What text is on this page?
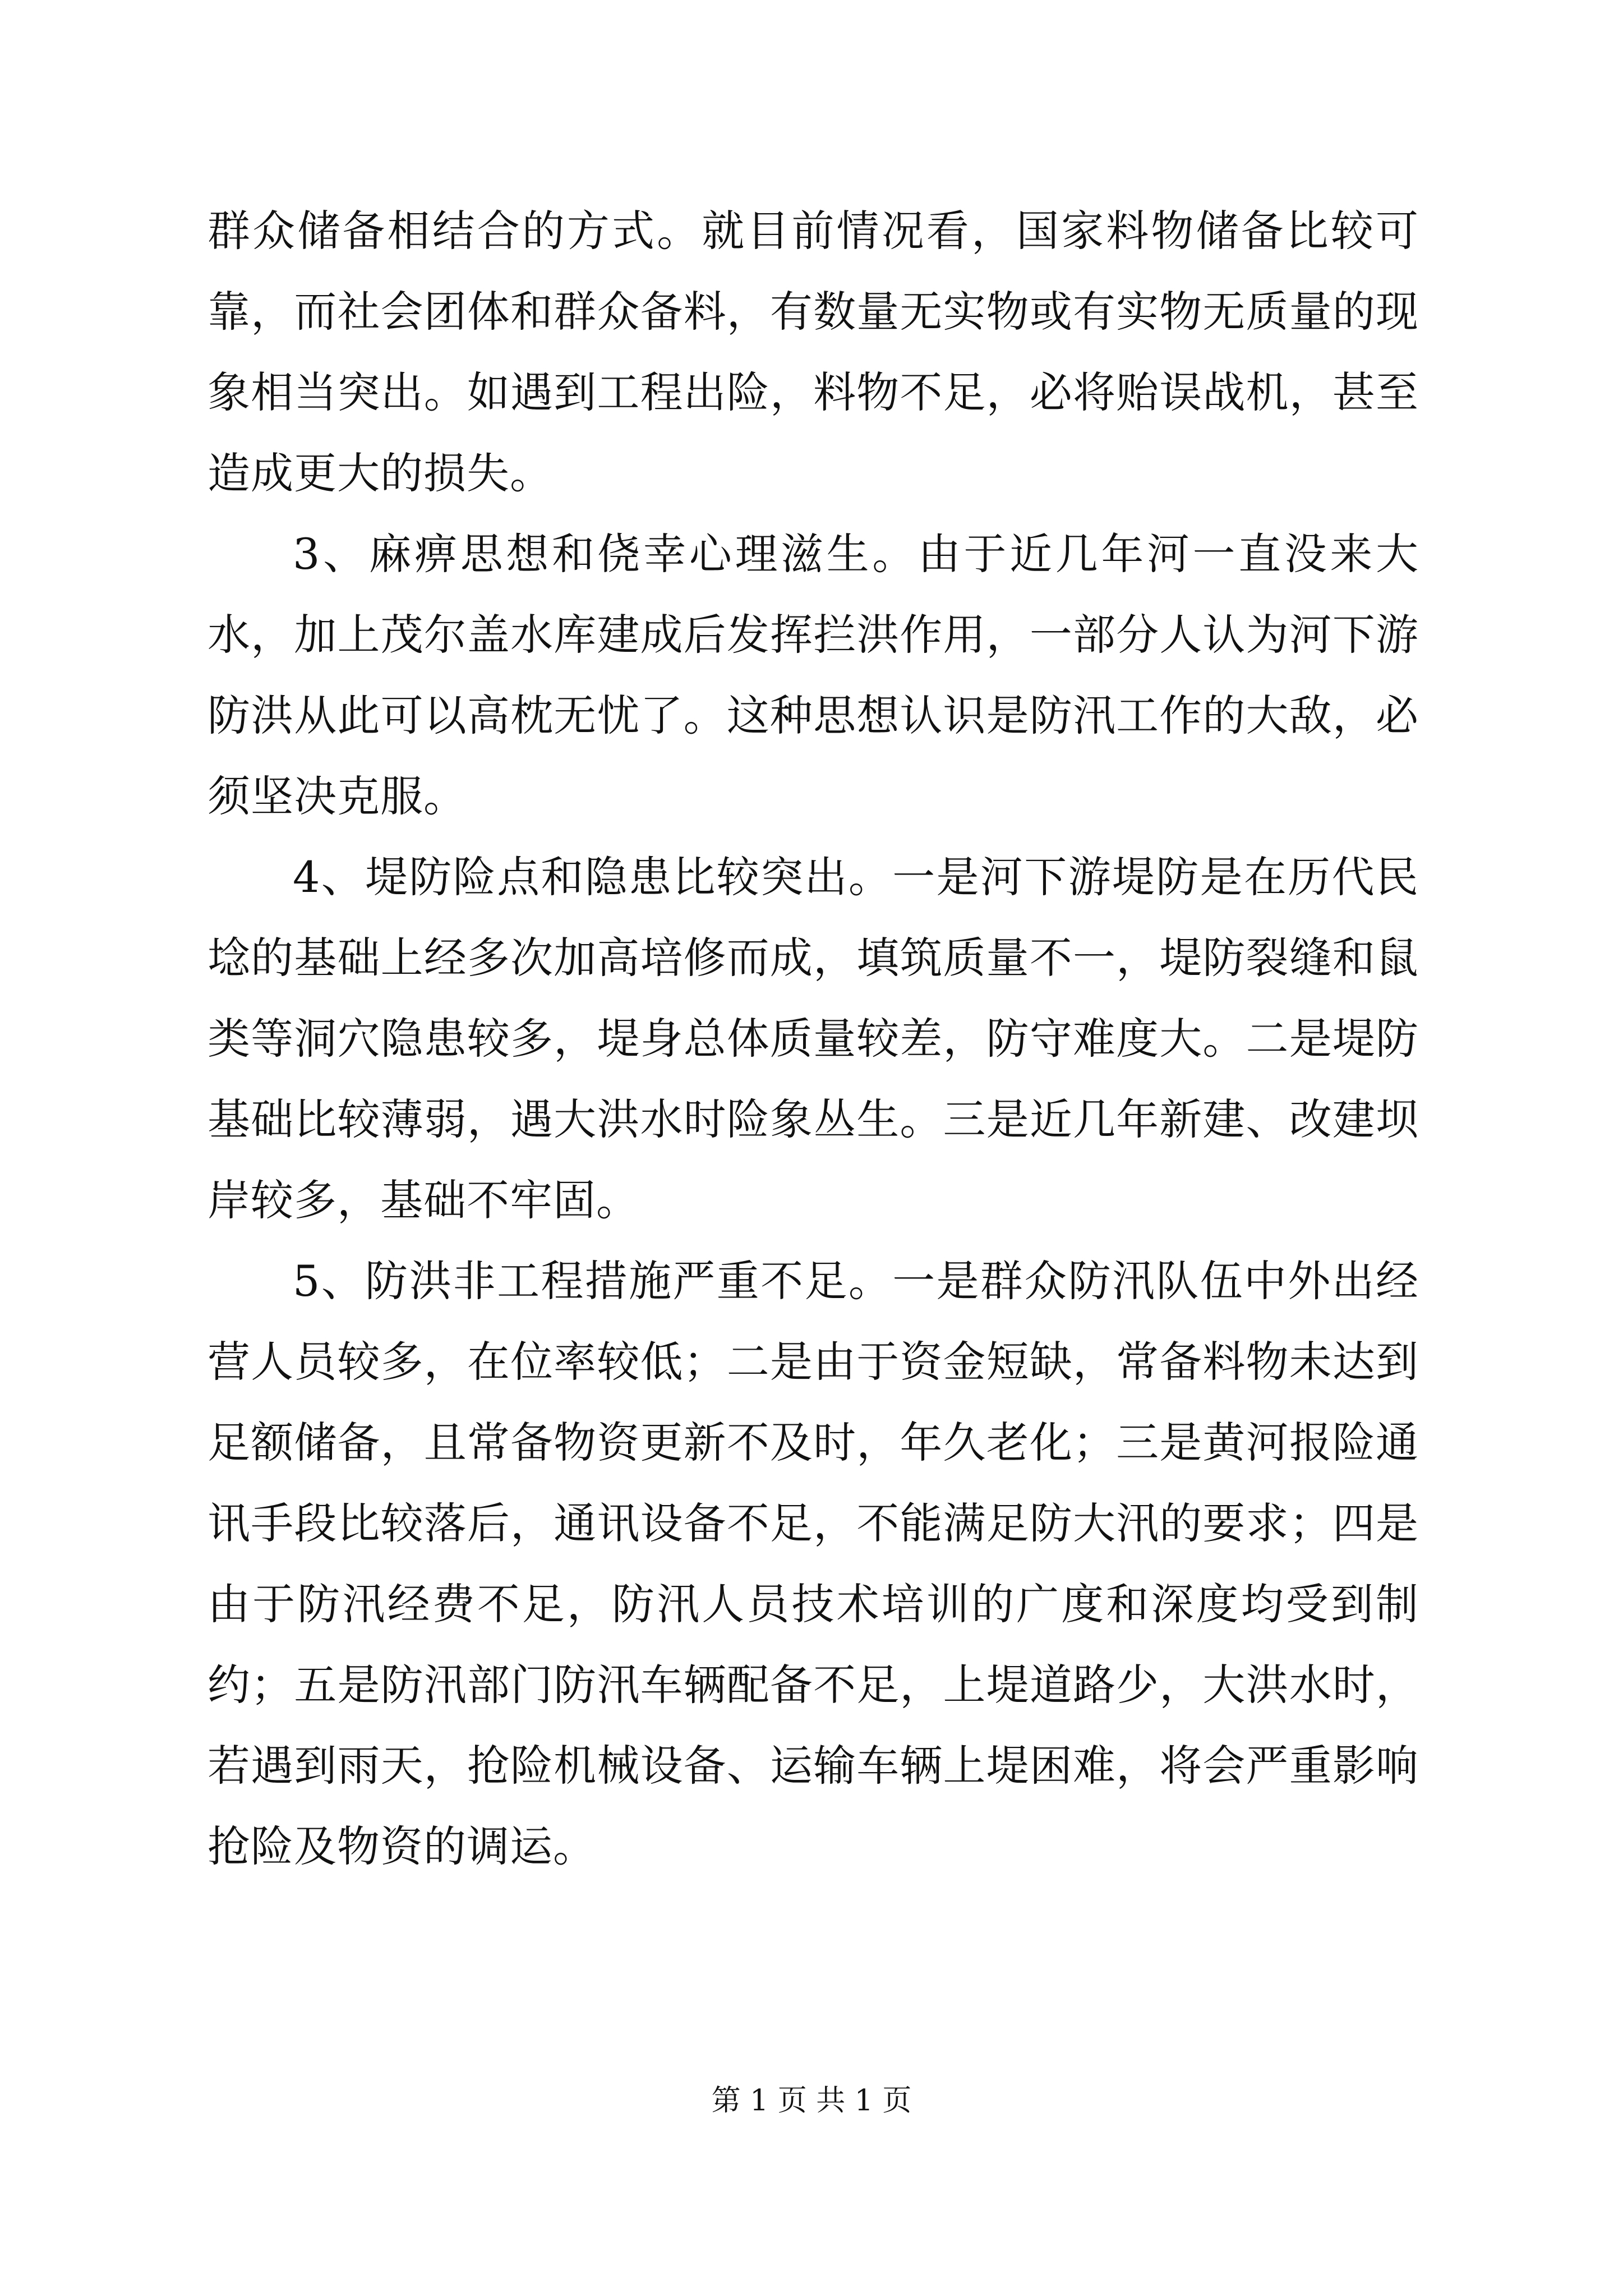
群众储备相结合的方式。就目前情况看，国家料物储备比较可靠，而社会团体和群众备料，有数量无实物或有实物无质量的现象相当突出。如遇到工程出险，料物不足，必将贻误战机，甚至造成更大的损失。

3、麻痹思想和侥幸心理滋生。由于近几年河一直没来大水，加上茂尔盖水库建成后发挥拦洪作用，一部分人认为河下游防洪从此可以高枕无忧了。这种思想认识是防汛工作的大敌，必须坚决克服。

4、堤防险点和隐患比较突出。一是河下游堤防是在历代民埝的基础上经多次加高培修而成，填筑质量不一，堤防裂缝和鼠类等洞穴隐患较多，堤身总体质量较差，防守难度大。二是堤防基础比较薄弱，遇大洪水时险象丛生。三是近几年新建、改建坝岸较多，基础不牢固。

5、防洪非工程措施严重不足。一是群众防汛队伍中外出经营人员较多，在位率较低；二是由于资金短缺，常备料物未达到足额储备，且常备物资更新不及时，年久老化；三是黄河报险通讯手段比较落后，通讯设备不足，不能满足防大汛的要求；四是由于防汛经费不足，防汛人员技术培训的广度和深度均受到制约；五是防汛部门防汛车辆配备不足，上堤道路少，大洪水时，若遇到雨天，抢险机械设备、运输车辆上堤困难，将会严重影响抢险及物资的调运。

第 1 页 共 1 页
